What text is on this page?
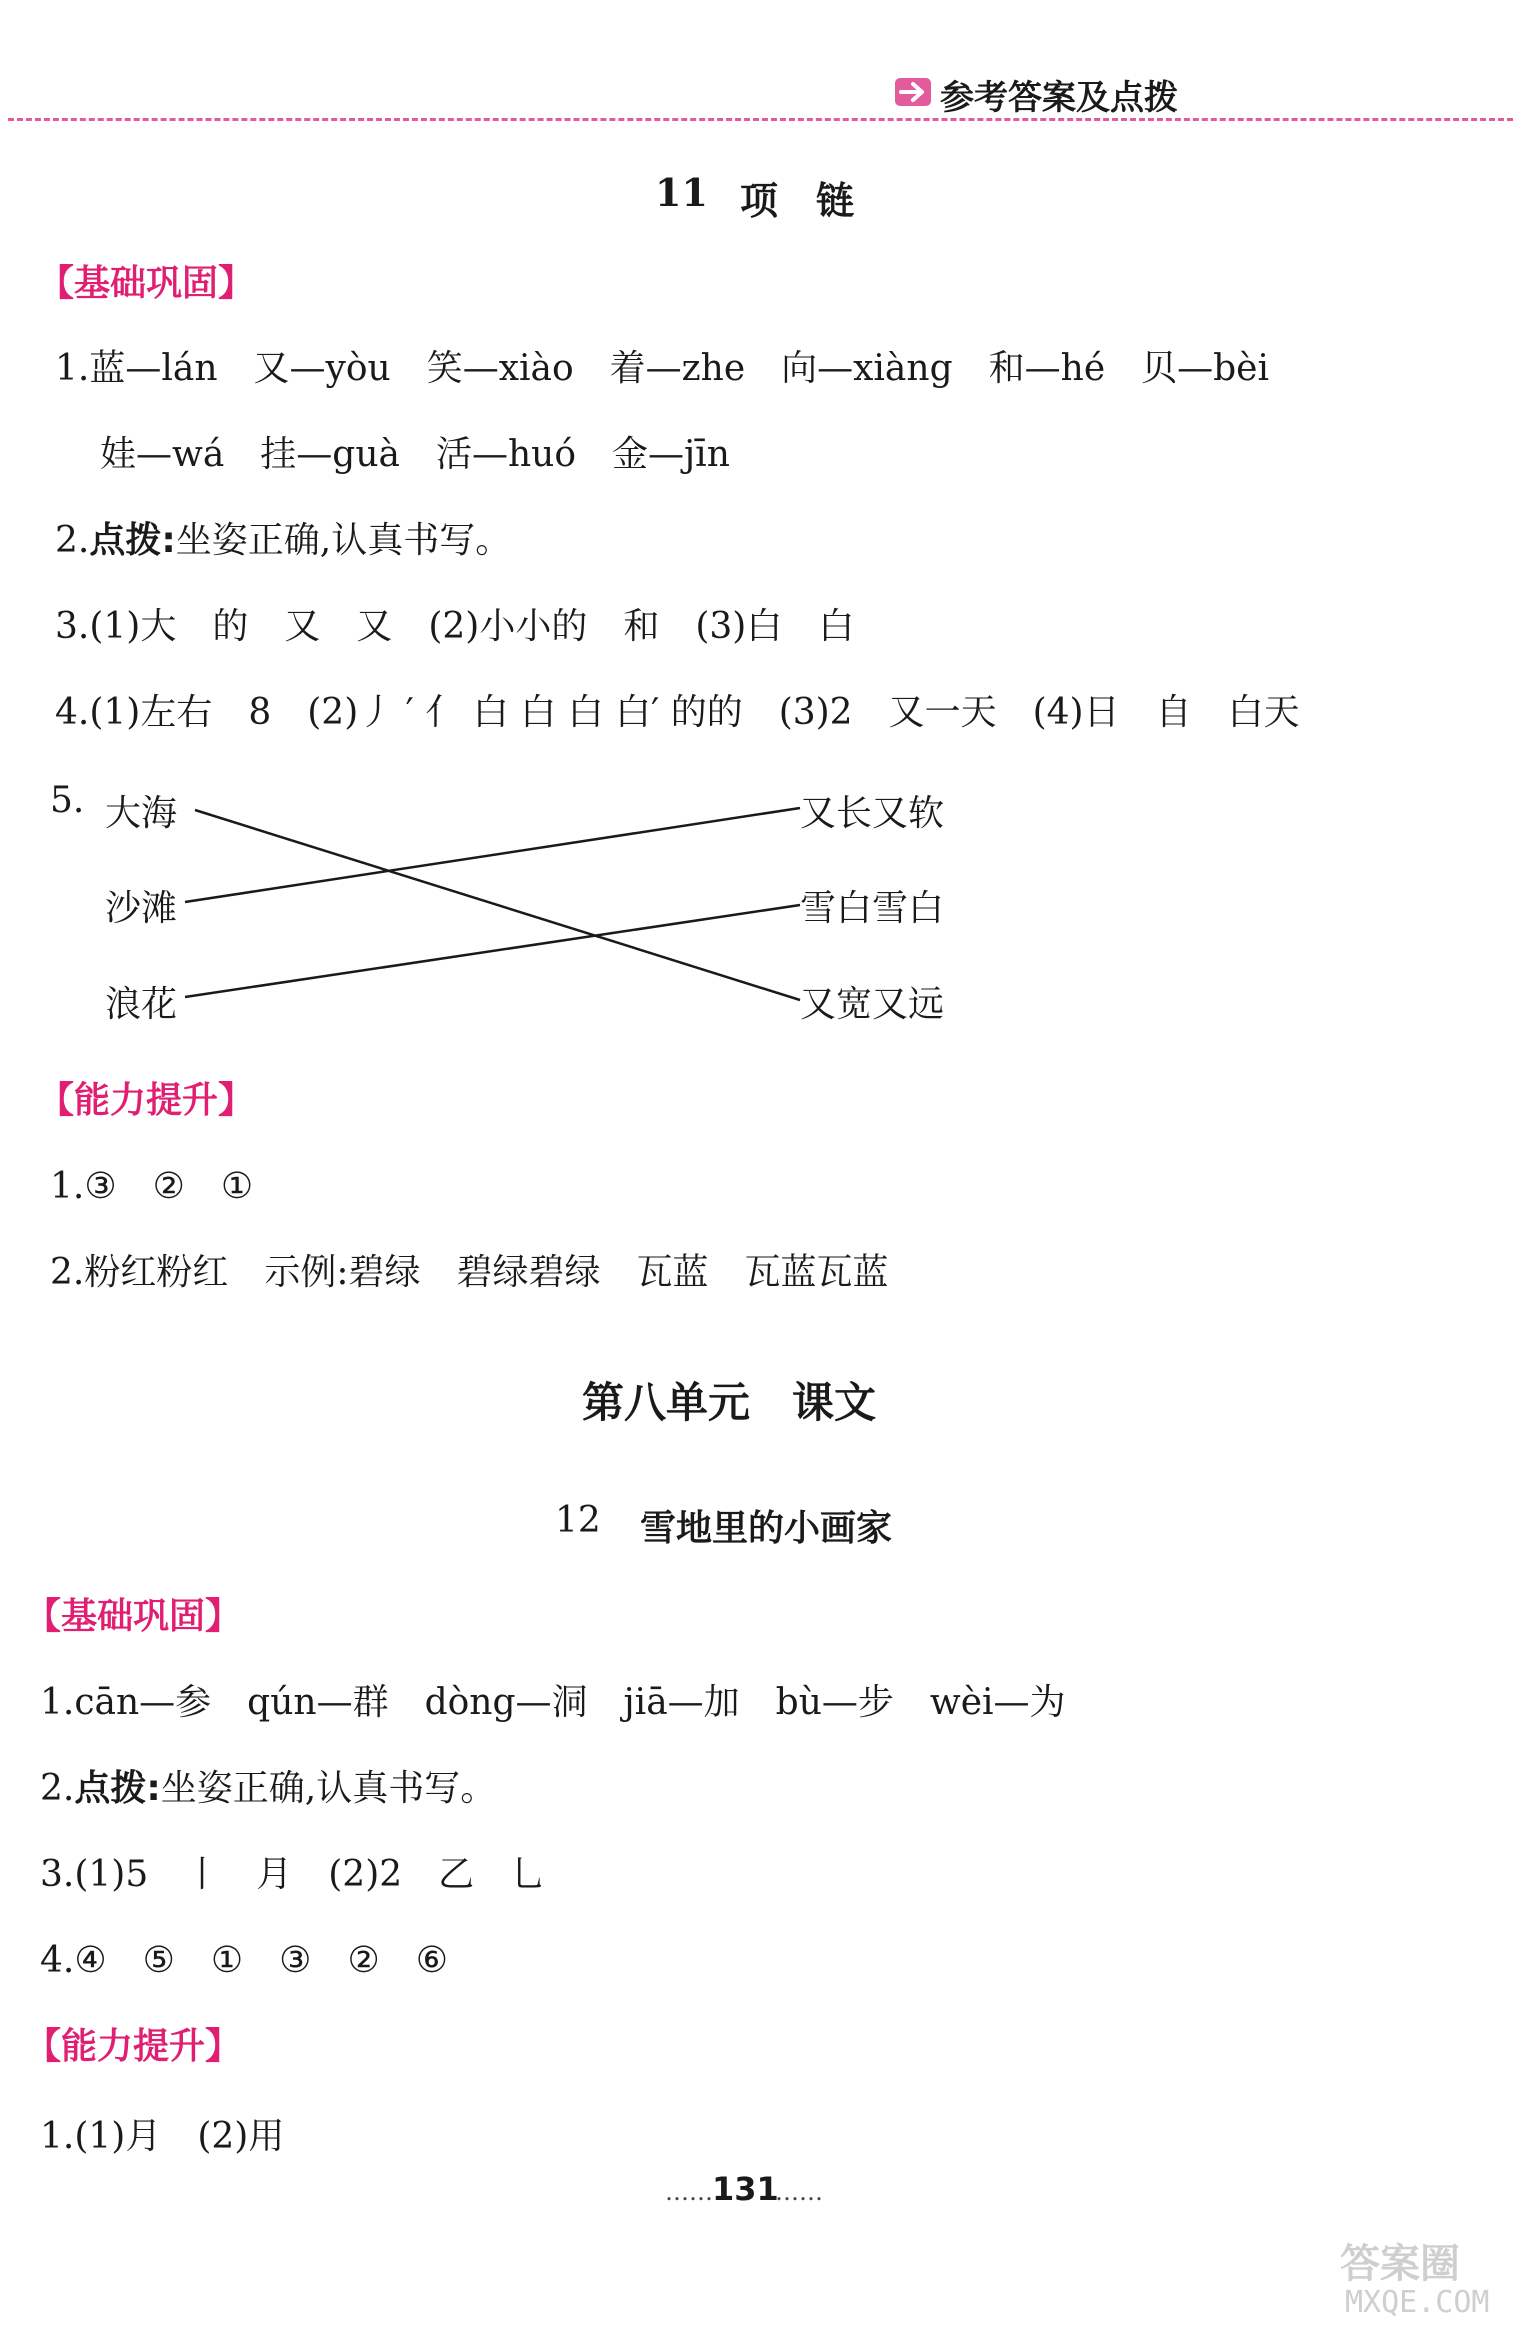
参考答案及点拨
11 项　链
【基础巩固】
1.蓝—lán　又—yòu　笑—xiào　着—zhe　向—xiàng　和—hé　贝—bèi
娃—wá　挂—guà　活—huó　金—jīn
2.点拨:坐姿正确,认真书写。
3.(1)大　的　又　又　(2)小小的　和　(3)白　白
4.(1)左右　8　(2)丿 ′ 亻 白 白 白 白′ 的的　(3)2　又一天　(4)日　自　白天
5. 大海
沙滩
浪花
又长又软
雪白雪白
又宽又远
【能力提升】
1.③　②　①
2.粉红粉红　示例:碧绿　碧绿碧绿　瓦蓝　瓦蓝瓦蓝
第八单元　课文
12 雪地里的小画家
【基础巩固】
1.cān—参　qún—群　dòng—洞　jiā—加　bù—步　wèi—为
2.点拨:坐姿正确,认真书写。
3.(1)5　丨　月　(2)2　乙　乚
4.④　⑤　①　③　②　⑥
【能力提升】
1.(1)月　(2)用
…… 131
……
答案圈
MXQE.COM
